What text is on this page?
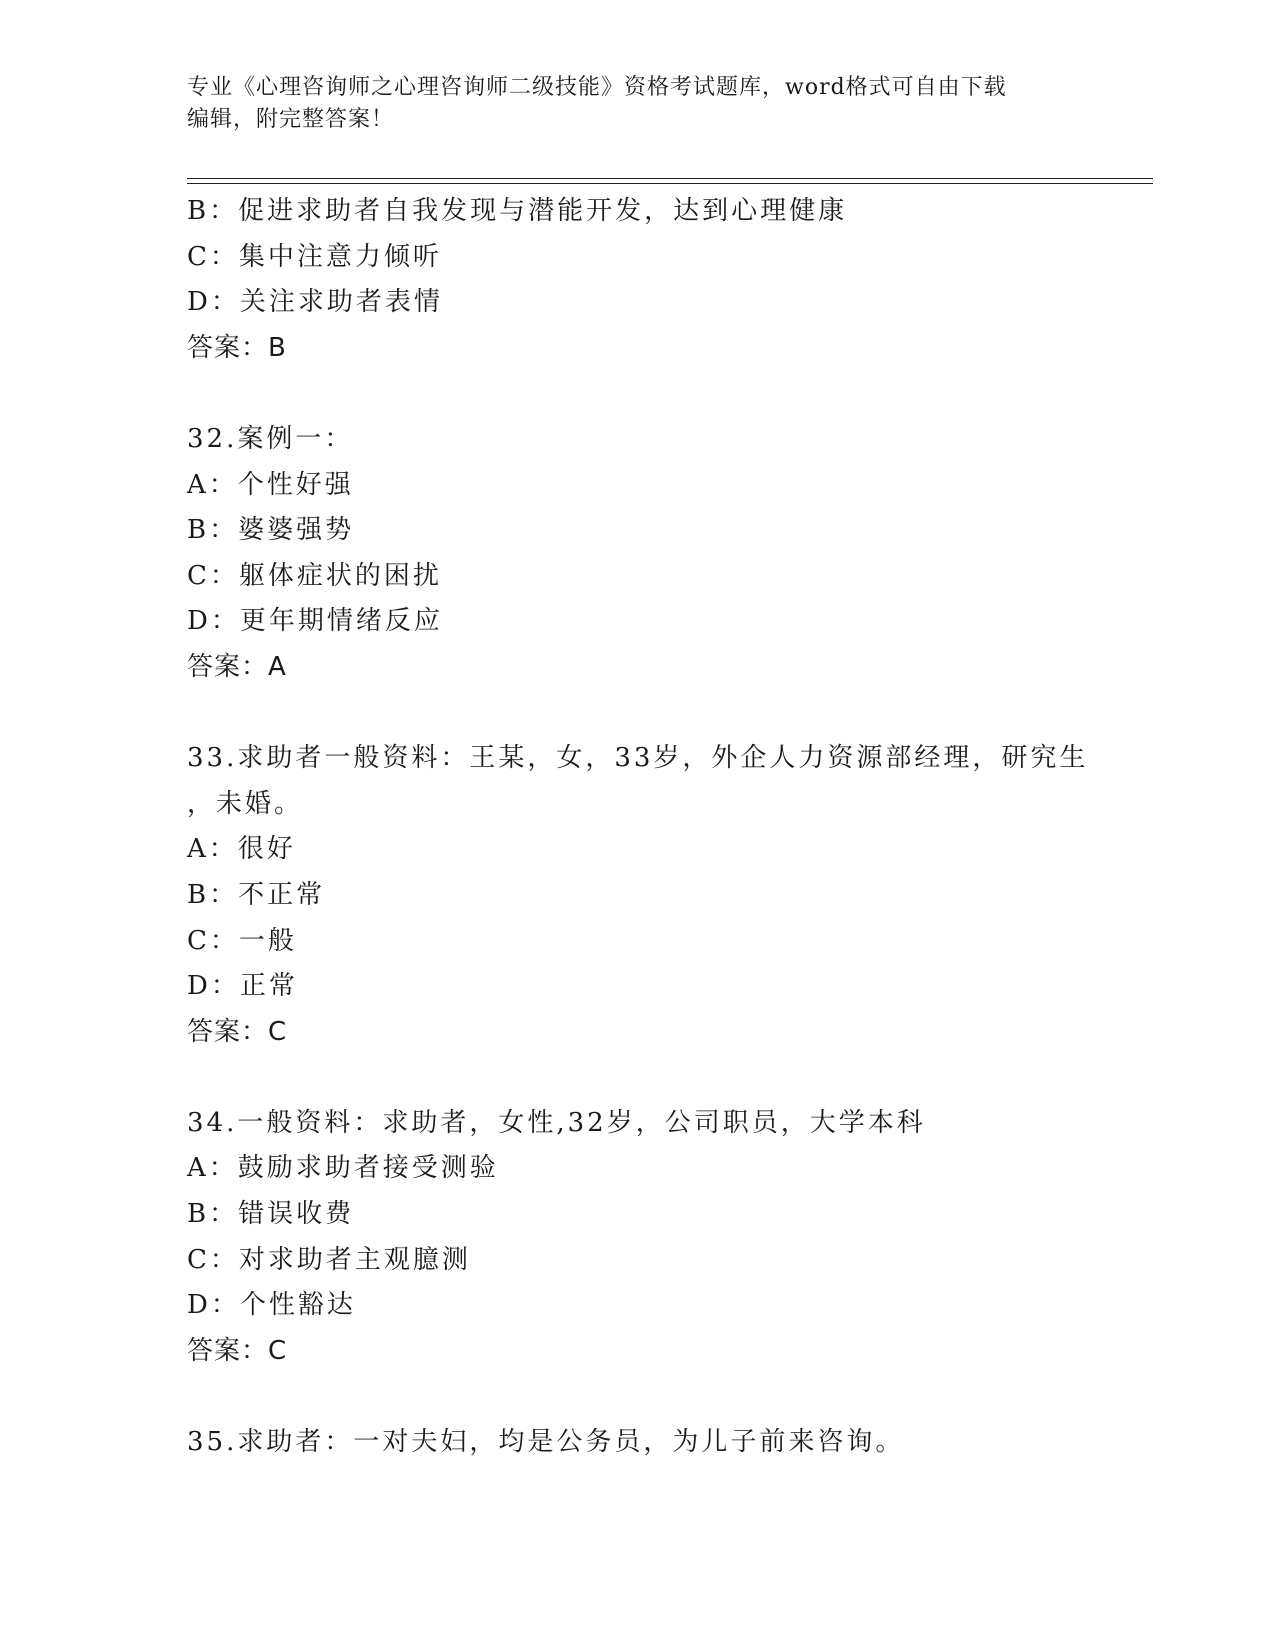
专业《心理咨询师之心理咨询师二级技能》资格考试题库，word格式可自由下载
编辑，附完整答案！
B：促进求助者自我发现与潜能开发，达到心理健康
C：集中注意力倾听
D：关注求助者表情
答案：B
32.案例一：
A：个性好强
B：婆婆强势
C：躯体症状的困扰
D：更年期情绪反应
答案：A
33.求助者一般资料：王某，女，33岁，外企人力资源部经理，研究生
，未婚。
A：很好
B：不正常
C：一般
D：正常
答案：C
34.一般资料：求助者，女性,32岁，公司职员，大学本科
A：鼓励求助者接受测验
B：错误收费
C：对求助者主观臆测
D：个性豁达
答案：C
35.求助者：一对夫妇，均是公务员，为儿子前来咨询。
